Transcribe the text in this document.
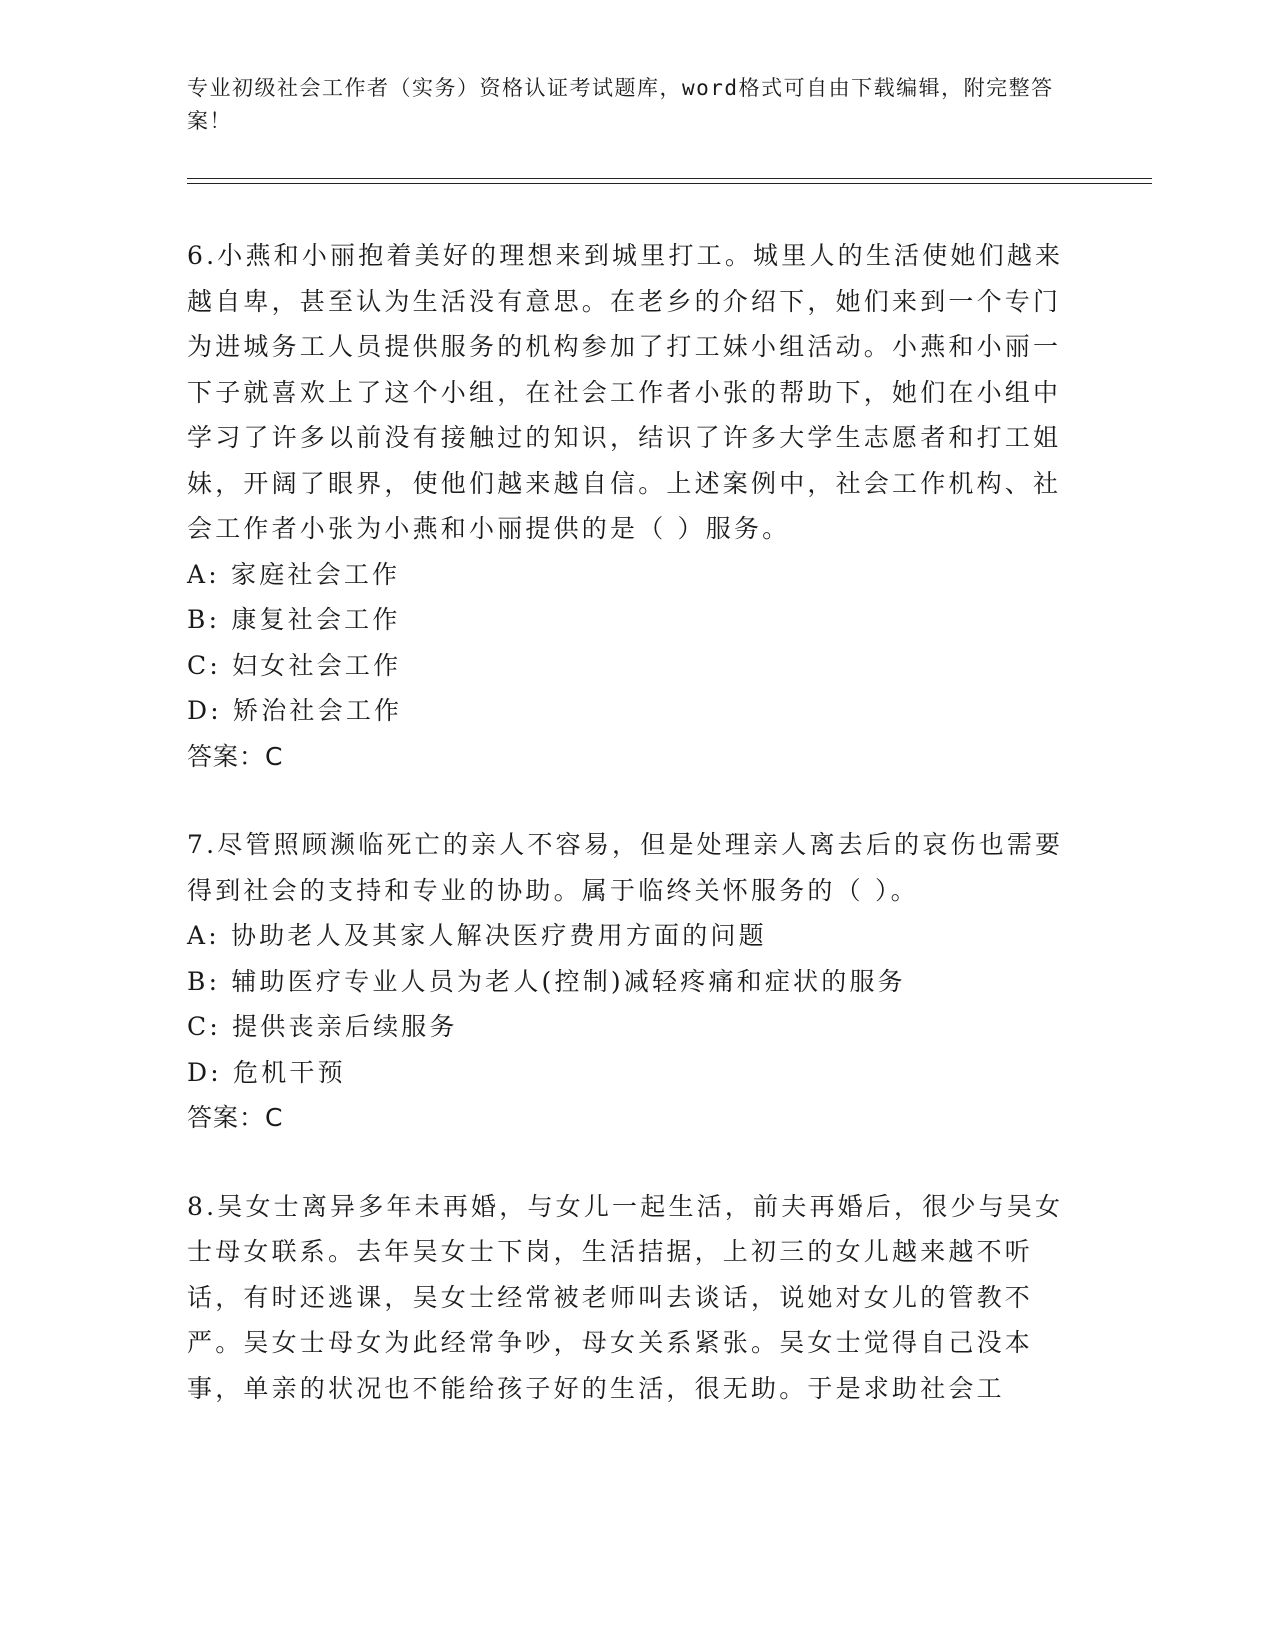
专业初级社会工作者（实务）资格认证考试题库，word格式可自由下载编辑，附完整答案！

6.小燕和小丽抱着美好的理想来到城里打工。城里人的生活使她们越来越自卑，甚至认为生活没有意思。在老乡的介绍下，她们来到一个专门为进城务工人员提供服务的机构参加了打工妹小组活动。小燕和小丽一下子就喜欢上了这个小组，在社会工作者小张的帮助下，她们在小组中学习了许多以前没有接触过的知识，结识了许多大学生志愿者和打工姐妹，开阔了眼界，使他们越来越自信。上述案例中，社会工作机构、社会工作者小张为小燕和小丽提供的是（ ）服务。

A: 家庭社会工作

B: 康复社会工作

C: 妇女社会工作

D: 矫治社会工作

答案：C

7.尽管照顾濒临死亡的亲人不容易，但是处理亲人离去后的哀伤也需要得到社会的支持和专业的协助。属于临终关怀服务的（ ）。

A: 协助老人及其家人解决医疗费用方面的问题

B: 辅助医疗专业人员为老人(控制)减轻疼痛和症状的服务

C: 提供丧亲后续服务

D: 危机干预

答案：C

8.吴女士离异多年未再婚，与女儿一起生活，前夫再婚后，很少与吴女士母女联系。去年吴女士下岗，生活拮据，上初三的女儿越来越不听话，有时还逃课，吴女士经常被老师叫去谈话，说她对女儿的管教不严。吴女士母女为此经常争吵，母女关系紧张。吴女士觉得自己没本事，单亲的状况也不能给孩子好的生活，很无助。于是求助社会工
